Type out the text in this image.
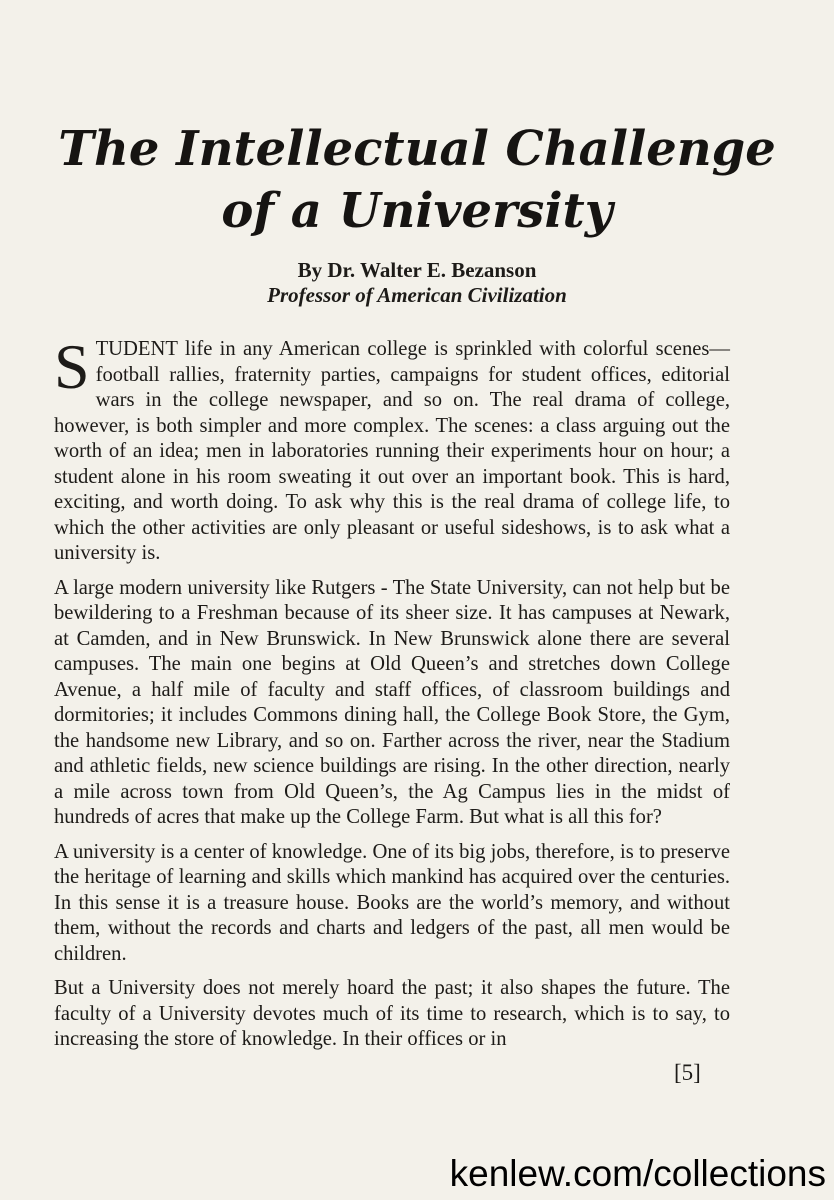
The Intellectual Challenge
of a University
By Dr. Walter E. Bezanson
Professor of American Civilization

STUDENT life in any American college is sprinkled with colorful scenes—football rallies, fraternity parties, campaigns for student offices, editorial wars in the college newspaper, and so on. The real drama of college, however, is both simpler and more complex. The scenes: a class arguing out the worth of an idea; men in laboratories running their experiments hour on hour; a student alone in his room sweating it out over an important book. This is hard, exciting, and worth doing. To ask why this is the real drama of college life, to which the other activities are only pleasant or useful sideshows, is to ask what a university is.

A large modern university like Rutgers - The State University, can not help but be bewildering to a Freshman because of its sheer size. It has campuses at Newark, at Camden, and in New Brunswick. In New Brunswick alone there are several campuses. The main one begins at Old Queen’s and stretches down College Avenue, a half mile of faculty and staff offices, of classroom buildings and dormitories; it includes Commons dining hall, the College Book Store, the Gym, the handsome new Library, and so on. Farther across the river, near the Stadium and athletic fields, new science buildings are rising. In the other direction, nearly a mile across town from Old Queen’s, the Ag Campus lies in the midst of hundreds of acres that make up the College Farm. But what is all this for?

A university is a center of knowledge. One of its big jobs, therefore, is to preserve the heritage of learning and skills which mankind has acquired over the centuries. In this sense it is a treasure house. Books are the world’s memory, and without them, without the records and charts and ledgers of the past, all men would be children.

But a University does not merely hoard the past; it also shapes the future. The faculty of a University devotes much of its time to research, which is to say, to increasing the store of knowledge. In their offices or in

[5]
kenlew.com/collections
